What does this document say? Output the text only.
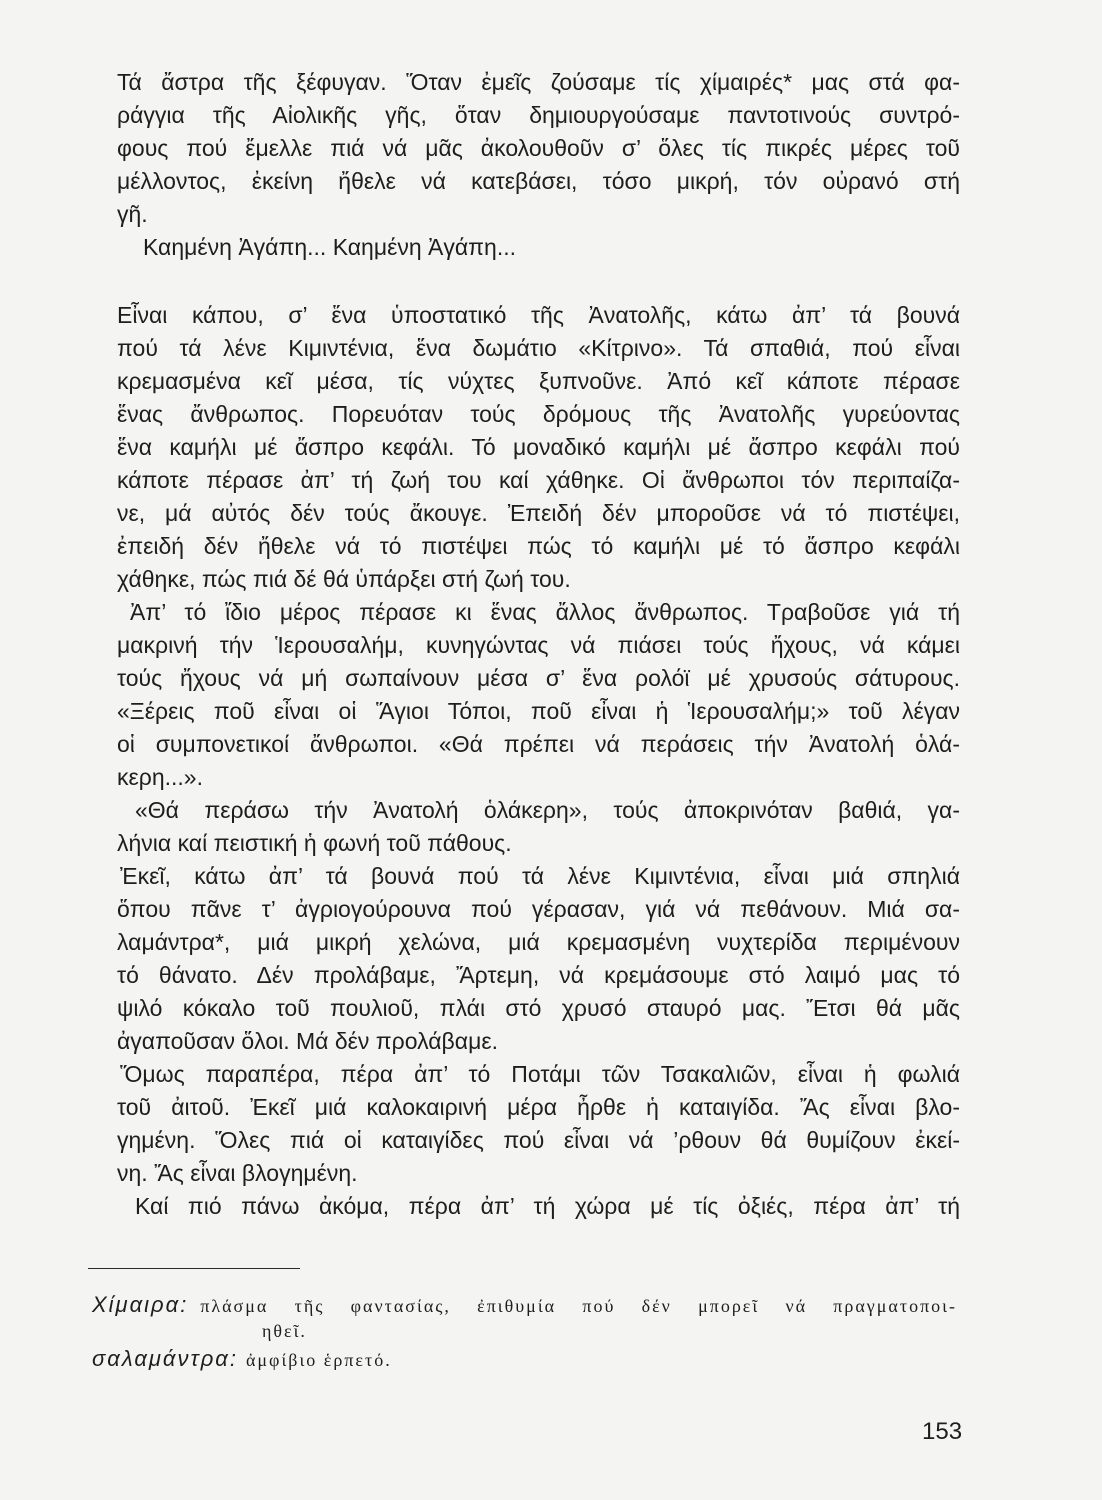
Τά ἄστρα τῆς ξέφυγαν. Ὅταν ἐμεῖς ζούσαμε τίς χίμαιρές* μας στά φα-
ράγγια τῆς Αἰολικῆς γῆς, ὅταν δημιουργούσαμε παντοτινούς συντρό-
φους πού ἔμελλε πιά νά μᾶς ἀκολουθοῦν σ’ ὅλες τίς πικρές μέρες τοῦ
μέλλοντος, ἐκείνη ἤθελε νά κατεβάσει, τόσο μικρή, τόν οὐρανό στή
γῆ.
Καημένη Ἀγάπη... Καημένη Ἀγάπη...
Εἶναι κάπου, σ’ ἕνα ὑποστατικό τῆς Ἀνατολῆς, κάτω ἀπ’ τά βουνά
πού τά λένε Κιμιντένια, ἕνα δωμάτιο «Κίτρινο». Τά σπαθιά, πού εἶναι
κρεμασμένα κεῖ μέσα, τίς νύχτες ξυπνοῦνε. Ἀπό κεῖ κάποτε πέρασε
ἕνας ἄνθρωπος. Πορευόταν τούς δρόμους τῆς Ἀνατολῆς γυρεύοντας
ἕνα καμήλι μέ ἄσπρο κεφάλι. Τό μοναδικό καμήλι μέ ἄσπρο κεφάλι πού
κάποτε πέρασε ἀπ’ τή ζωή του καί χάθηκε. Οἱ ἄνθρωποι τόν περιπαίζα-
νε, μά αὐτός δέν τούς ἄκουγε. Ἐπειδή δέν μποροῦσε νά τό πιστέψει,
ἐπειδή δέν ἤθελε νά τό πιστέψει πώς τό καμήλι μέ τό ἄσπρο κεφάλι
χάθηκε, πώς πιά δέ θά ὑπάρξει στή ζωή του.
Ἀπ’ τό ἴδιο μέρος πέρασε κι ἕνας ἄλλος ἄνθρωπος. Τραβοῦσε γιά τή
μακρινή τήν Ἱερουσαλήμ, κυνηγώντας νά πιάσει τούς ἤχους, νά κάμει
τούς ἤχους νά μή σωπαίνουν μέσα σ’ ἕνα ρολόϊ μέ χρυσούς σάτυρους.
«Ξέρεις ποῦ εἶναι οἱ Ἅγιοι Τόποι, ποῦ εἶναι ἡ Ἱερουσαλήμ;» τοῦ λέγαν
οἱ συμπονετικοί ἄνθρωποι. «Θά πρέπει νά περάσεις τήν Ἀνατολή ὁλά-
κερη...».
«Θά περάσω τήν Ἀνατολή ὁλάκερη», τούς ἀποκρινόταν βαθιά, γα-
λήνια καί πειστική ἡ φωνή τοῦ πάθους.
Ἐκεῖ, κάτω ἀπ’ τά βουνά πού τά λένε Κιμιντένια, εἶναι μιά σπηλιά
ὅπου πᾶνε τ’ ἀγριογούρουνα πού γέρασαν, γιά νά πεθάνουν. Μιά σα-
λαμάντρα*, μιά μικρή χελώνα, μιά κρεμασμένη νυχτερίδα περιμένουν
τό θάνατο. Δέν προλάβαμε, Ἄρτεμη, νά κρεμάσουμε στό λαιμό μας τό
ψιλό κόκαλο τοῦ πουλιοῦ, πλάι στό χρυσό σταυρό μας. Ἔτσι θά μᾶς
ἀγαποῦσαν ὅλοι. Μά δέν προλάβαμε.
Ὅμως παραπέρα, πέρα ἀπ’ τό Ποτάμι τῶν Τσακαλιῶν, εἶναι ἡ φωλιά
τοῦ ἀιτοῦ. Ἐκεῖ μιά καλοκαιρινή μέρα ἦρθε ἡ καταιγίδα. Ἄς εἶναι βλο-
γημένη. Ὅλες πιά οἱ καταιγίδες πού εἶναι νά ’ρθουν θά θυμίζουν ἐκεί-
νη. Ἄς εἶναι βλογημένη.
Καί πιό πάνω ἀκόμα, πέρα ἀπ’ τή χώρα μέ τίς ὀξιές, πέρα ἀπ’ τή
Χίμαιρα: πλάσμα τῆς φαντασίας, ἐπιθυμία πού δέν μπορεῖ νά πραγματοποι-
ηθεῖ.
σαλαμάντρα: ἀμφίβιο ἑρπετό.
153
